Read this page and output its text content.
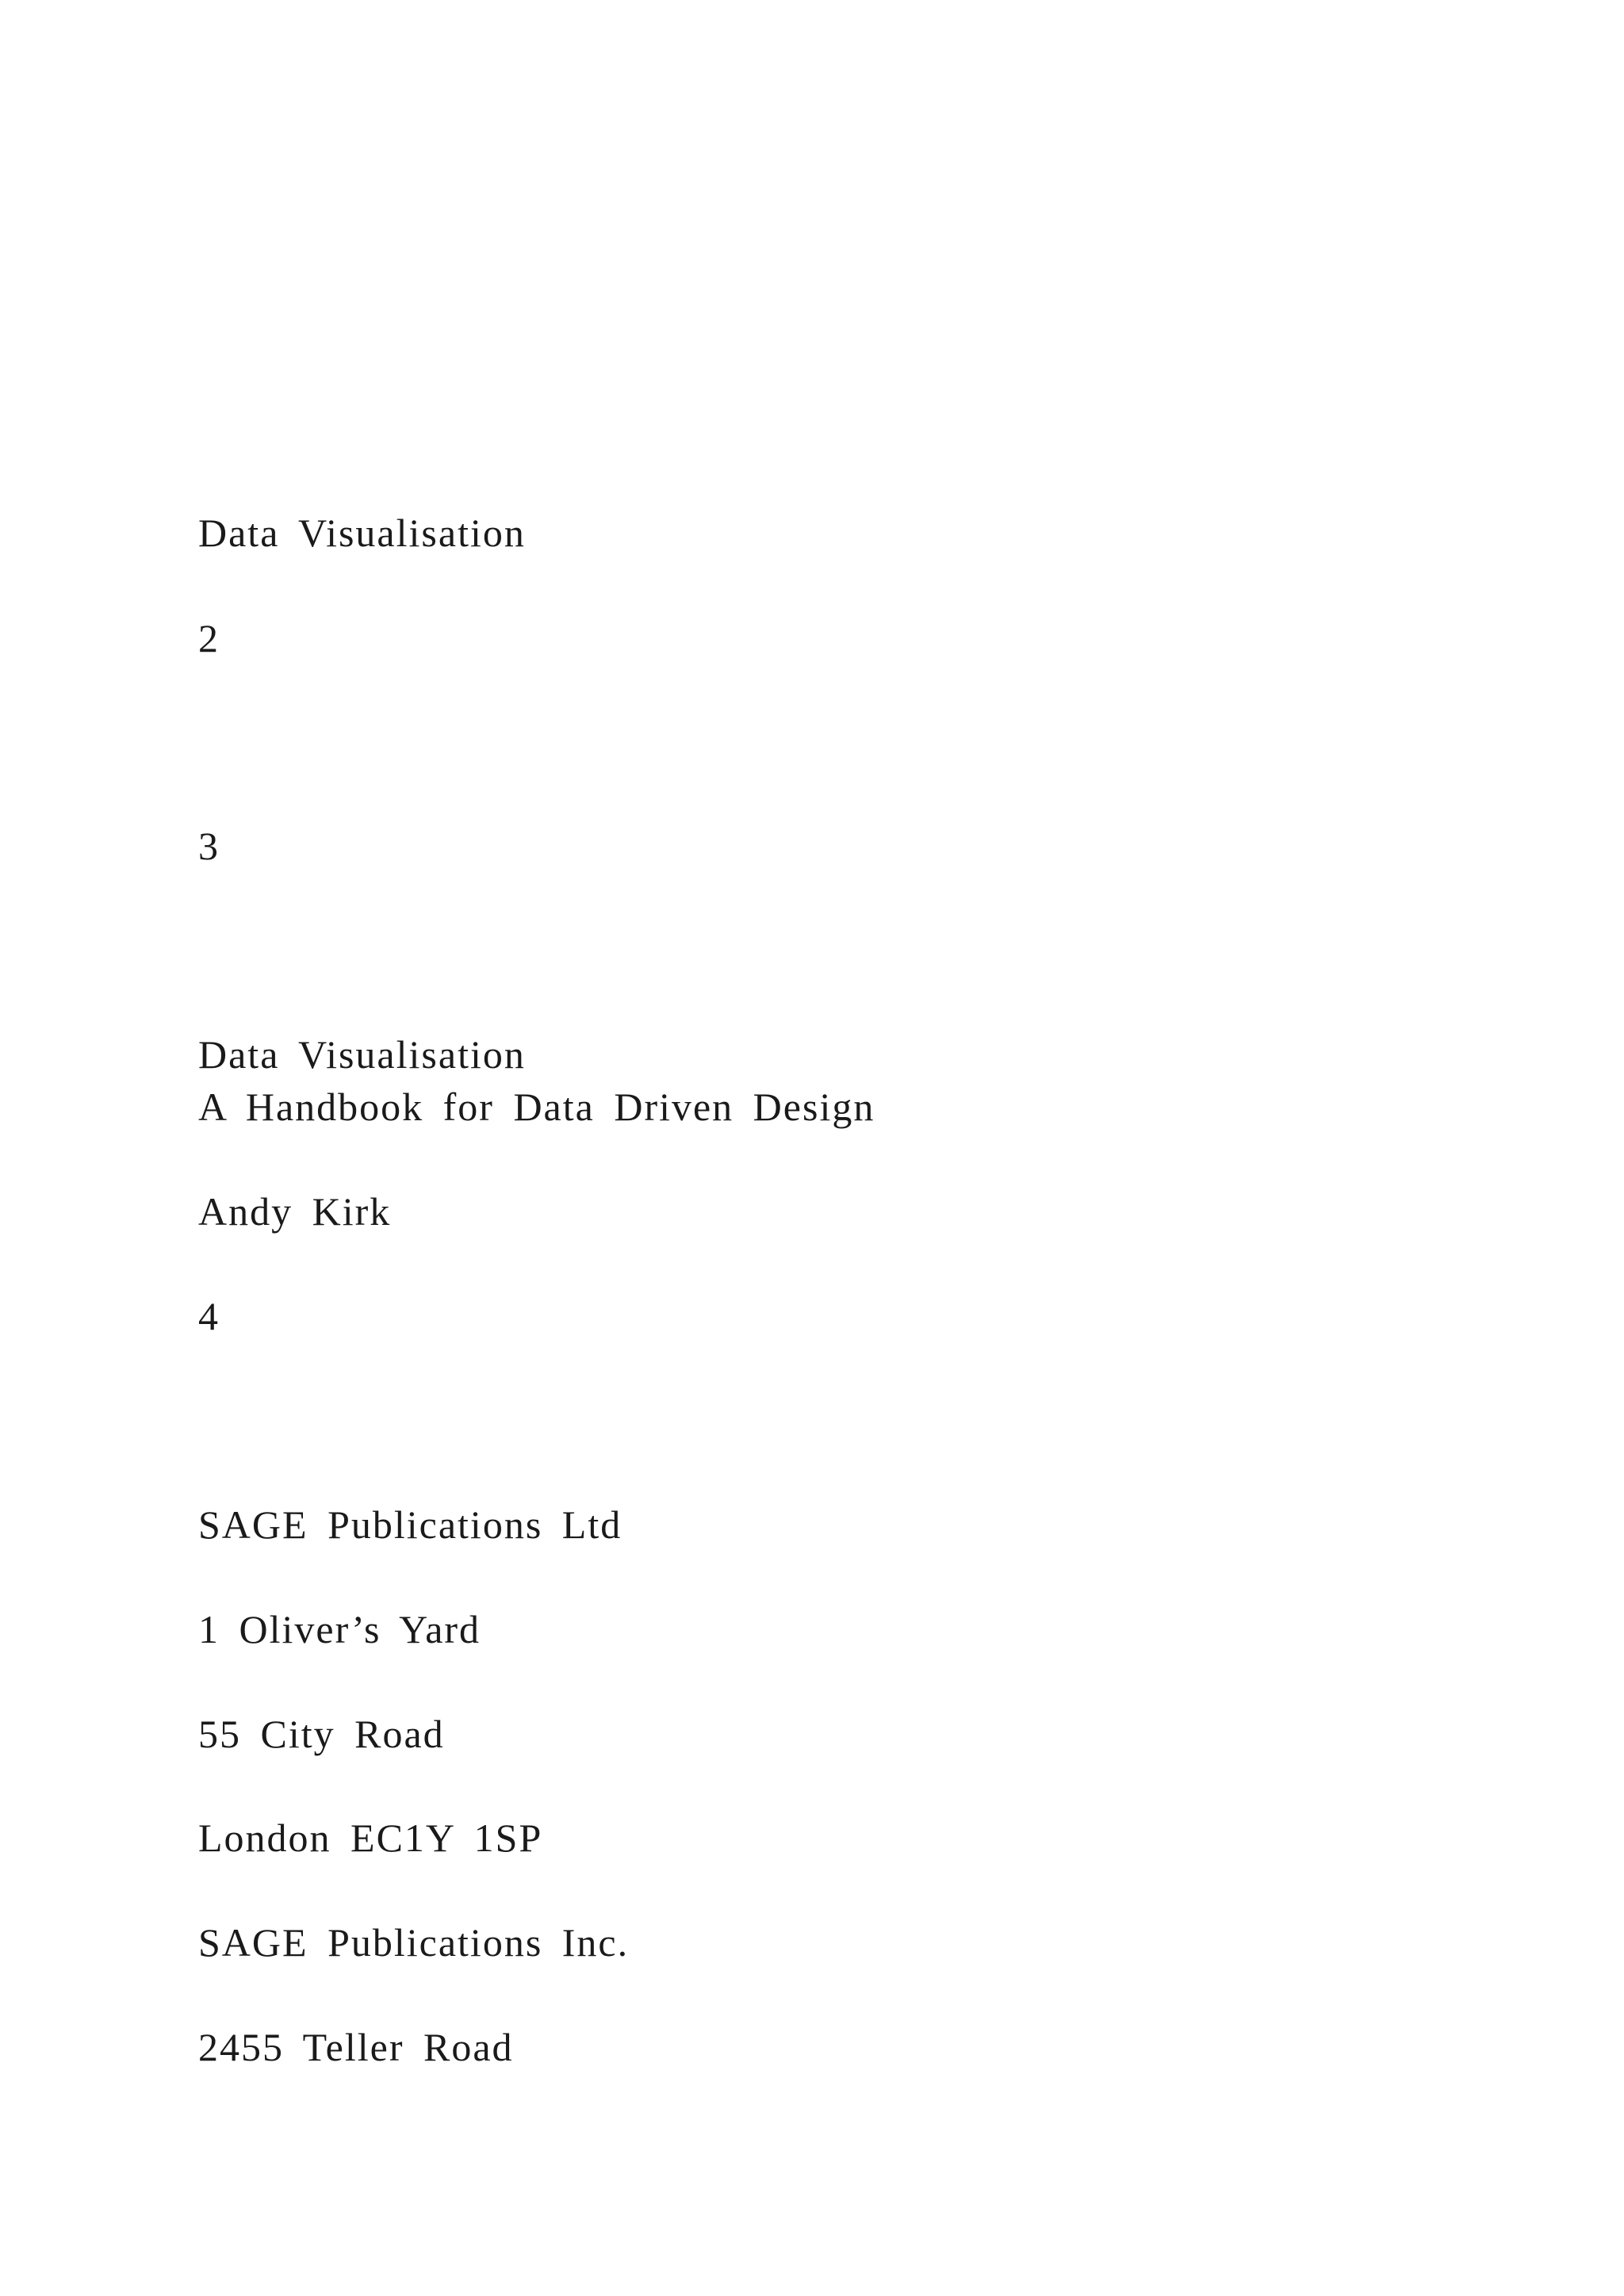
Data Visualisation

2

3

Data Visualisation

A Handbook for Data Driven Design

Andy Kirk

4

SAGE Publications Ltd

1 Oliver’s Yard

55 City Road

London EC1Y 1SP

SAGE Publications Inc.

2455 Teller Road
